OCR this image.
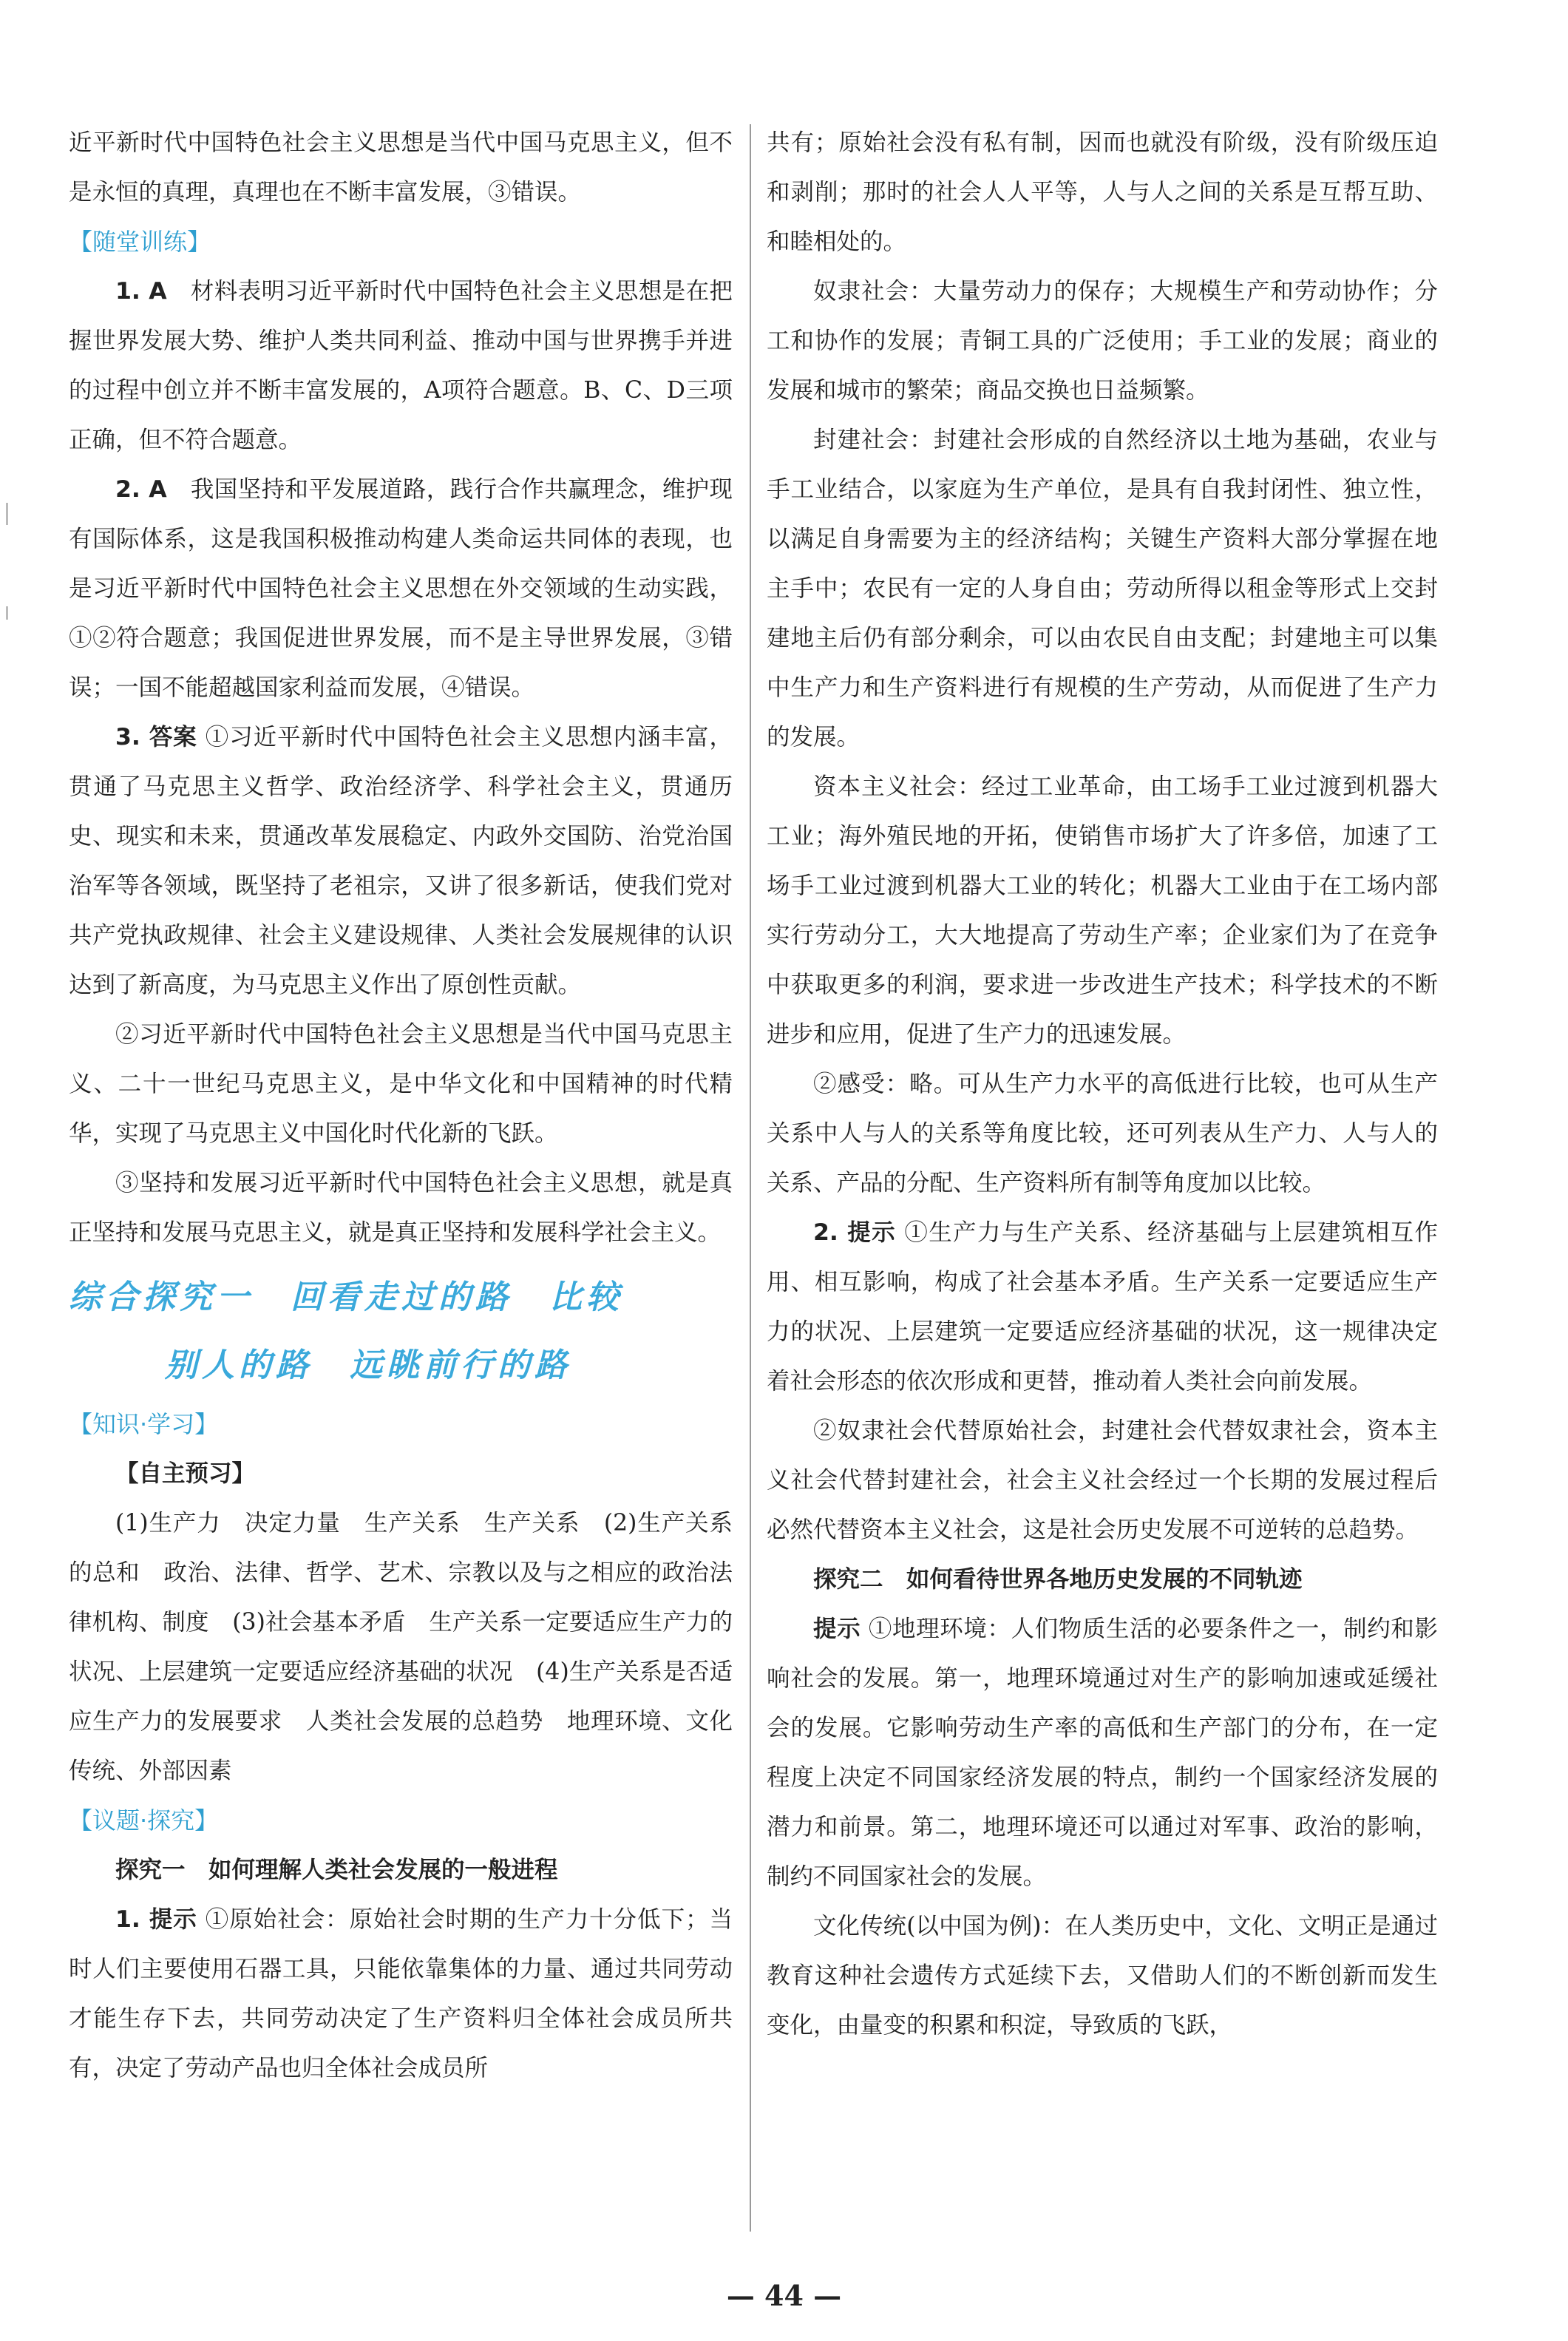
近平新时代中国特色社会主义思想是当代中国马克思主义，但不是永恒的真理，真理也在不断丰富发展，③错误。

【随堂训练】

1. A　材料表明习近平新时代中国特色社会主义思想是在把握世界发展大势、维护人类共同利益、推动中国与世界携手并进的过程中创立并不断丰富发展的，A项符合题意。B、C、D三项正确，但不符合题意。

2. A　我国坚持和平发展道路，践行合作共赢理念，维护现有国际体系，这是我国积极推动构建人类命运共同体的表现，也是习近平新时代中国特色社会主义思想在外交领域的生动实践，①②符合题意；我国促进世界发展，而不是主导世界发展，③错误；一国不能超越国家利益而发展，④错误。

3. 答案 ①习近平新时代中国特色社会主义思想内涵丰富，贯通了马克思主义哲学、政治经济学、科学社会主义，贯通历史、现实和未来，贯通改革发展稳定、内政外交国防、治党治国治军等各领域，既坚持了老祖宗，又讲了很多新话，使我们党对共产党执政规律、社会主义建设规律、人类社会发展规律的认识达到了新高度，为马克思主义作出了原创性贡献。

②习近平新时代中国特色社会主义思想是当代中国马克思主义、二十一世纪马克思主义，是中华文化和中国精神的时代精华，实现了马克思主义中国化时代化新的飞跃。

③坚持和发展习近平新时代中国特色社会主义思想，就是真正坚持和发展马克思主义，就是真正坚持和发展科学社会主义。

综合探究一　回看走过的路　比较
别人的路　远眺前行的路

【知识·学习】

【自主预习】

(1)生产力　决定力量　生产关系　生产关系　(2)生产关系的总和　政治、法律、哲学、艺术、宗教以及与之相应的政治法律机构、制度　(3)社会基本矛盾　生产关系一定要适应生产力的状况、上层建筑一定要适应经济基础的状况　(4)生产关系是否适应生产力的发展要求　人类社会发展的总趋势　地理环境、文化传统、外部因素

【议题·探究】

探究一　如何理解人类社会发展的一般进程

1. 提示 ①原始社会：原始社会时期的生产力十分低下；当时人们主要使用石器工具，只能依靠集体的力量、通过共同劳动才能生存下去，共同劳动决定了生产资料归全体社会成员所共有，决定了劳动产品也归全体社会成员所

共有；原始社会没有私有制，因而也就没有阶级，没有阶级压迫和剥削；那时的社会人人平等，人与人之间的关系是互帮互助、和睦相处的。

奴隶社会：大量劳动力的保存；大规模生产和劳动协作；分工和协作的发展；青铜工具的广泛使用；手工业的发展；商业的发展和城市的繁荣；商品交换也日益频繁。

封建社会：封建社会形成的自然经济以土地为基础，农业与手工业结合，以家庭为生产单位，是具有自我封闭性、独立性，以满足自身需要为主的经济结构；关键生产资料大部分掌握在地主手中；农民有一定的人身自由；劳动所得以租金等形式上交封建地主后仍有部分剩余，可以由农民自由支配；封建地主可以集中生产力和生产资料进行有规模的生产劳动，从而促进了生产力的发展。

资本主义社会：经过工业革命，由工场手工业过渡到机器大工业；海外殖民地的开拓，使销售市场扩大了许多倍，加速了工场手工业过渡到机器大工业的转化；机器大工业由于在工场内部实行劳动分工，大大地提高了劳动生产率；企业家们为了在竞争中获取更多的利润，要求进一步改进生产技术；科学技术的不断进步和应用，促进了生产力的迅速发展。

②感受：略。可从生产力水平的高低进行比较，也可从生产关系中人与人的关系等角度比较，还可列表从生产力、人与人的关系、产品的分配、生产资料所有制等角度加以比较。

2. 提示 ①生产力与生产关系、经济基础与上层建筑相互作用、相互影响，构成了社会基本矛盾。生产关系一定要适应生产力的状况、上层建筑一定要适应经济基础的状况，这一规律决定着社会形态的依次形成和更替，推动着人类社会向前发展。

②奴隶社会代替原始社会，封建社会代替奴隶社会，资本主义社会代替封建社会，社会主义社会经过一个长期的发展过程后必然代替资本主义社会，这是社会历史发展不可逆转的总趋势。

探究二　如何看待世界各地历史发展的不同轨迹

提示 ①地理环境：人们物质生活的必要条件之一，制约和影响社会的发展。第一，地理环境通过对生产的影响加速或延缓社会的发展。它影响劳动生产率的高低和生产部门的分布，在一定程度上决定不同国家经济发展的特点，制约一个国家经济发展的潜力和前景。第二，地理环境还可以通过对军事、政治的影响，制约不同国家社会的发展。

文化传统(以中国为例)：在人类历史中，文化、文明正是通过教育这种社会遗传方式延续下去，又借助人们的不断创新而发生变化，由量变的积累和积淀，导致质的飞跃，

— 44 —
